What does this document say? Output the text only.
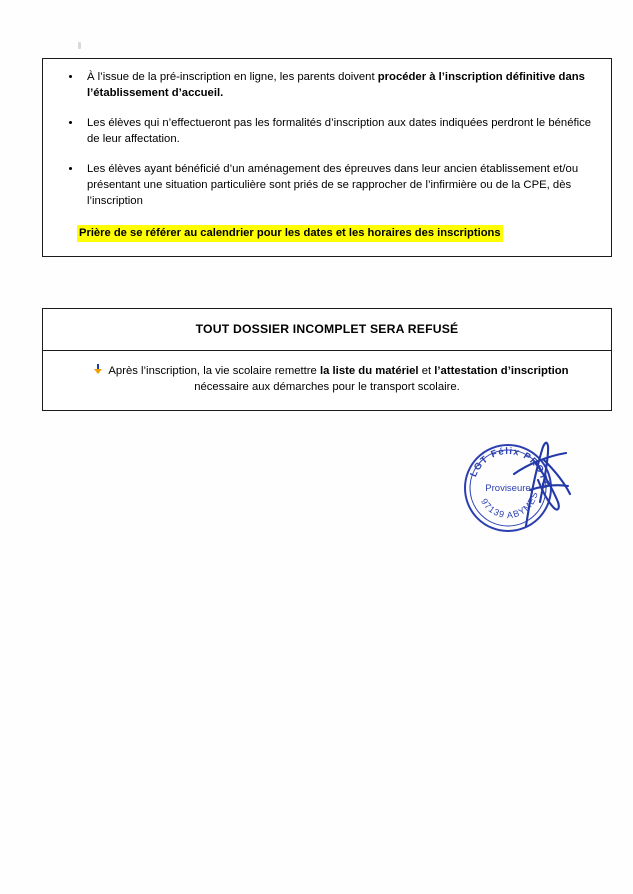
À l’issue de la pré-inscription en ligne, les parents doivent procéder à l’inscription définitive dans l’établissement d’accueil.
Les élèves qui n’effectueront pas les formalités d’inscription aux dates indiquées perdront le bénéfice de leur affectation.
Les élèves ayant bénéficié d’un aménagement des épreuves dans leur ancien établissement et/ou présentant une situation particulière sont priés de se rapprocher de l’infirmière ou de la CPE, dès l’inscription
Prière de se référer au calendrier pour les dates et les horaires des inscriptions
TOUT DOSSIER INCOMPLET SERA REFUSÉ
Après l’inscription, la vie scolaire remettre la liste du matériel et l’attestation d’inscription
nécessaire aux démarches pour le transport scolaire.
LGT Félix PROTO
97139 ABYMES
Proviseure
